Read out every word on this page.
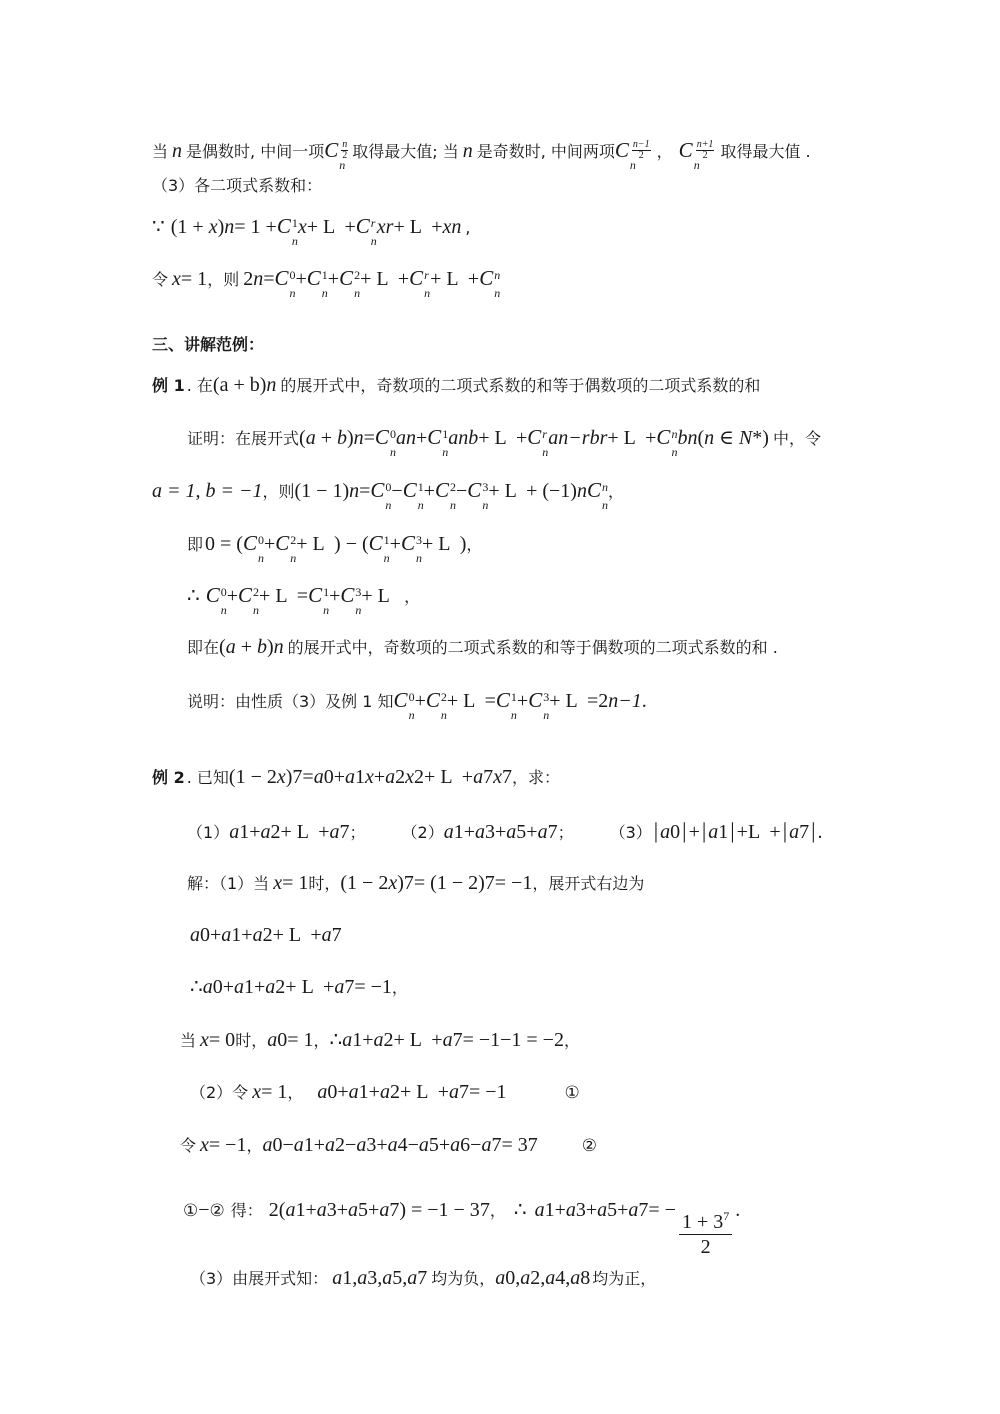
当 n 是偶数时, 中间一项 C $\frac{n}{2}$
n
取得最大值; 当 n 是奇数时, 中间两项 C $\frac{n-1}{2}$
n
， C $\frac{n+1}{2}$
n
取得最大值 .
（3）各二项式系数和：
∵ (1 + x) n = 1 + C 1
n
x + L  + C r
n
x r + L  + x n ,
令 x = 1 ，则 2 n = C 0
n
+ C 1
n
+ C 2
n
+ L  + C r
n
+ L  + C n
n
三、讲解范例：
例 1 . 在 (a + b) n 的展开式中，奇数项的二项式系数的和等于偶数项的二项式系数的和
证明：在展开式 (a + b) n = C 0
n
a n + C 1
n
a n b + L  + C r
n
a n−r b r + L  + C n
n
b n (n ∈ N * ) 中，令
a = 1, b = −1 ，则 (1 − 1) n = C 0
n
− C 1
n
+ C 2
n
− C 3
n
+ L  + (−1) n C n
n
，
即 0 = ( C 0
n
+ C 2
n
+ L  ) − ( C 1
n
+ C 3
n
+ L  ) ，
∴ C 0
n
+ C 2
n
+ L  = C 1
n
+ C 3
n
+ L ，
即在 (a + b) n 的展开式中，奇数项的二项式系数的和等于偶数项的二项式系数的和 .
说明：由性质（3）及例 1 知 C 0
n
+ C 2
n
+ L  = C 1
n
+ C 3
n
+ L  = 2 n−1 .
例 2 . 已知 (1 − 2x) 7 = a 0 + a 1 x + a 2 x 2 + L  + a 7 x 7 ，求：
（1） a 1 + a 2 + L  + a 7 ； （2） a 1 + a 3 + a 5 + a 7 ； （3） | a 0 | + | a 1 | +L  + | a 7 | .
解：（1）当 x = 1 时， (1 − 2x) 7 = (1 − 2) 7 = −1 ，展开式右边为
a 0 + a 1 + a 2 + L  + a 7
∴ a 0 + a 1 + a 2 + L  + a 7 = −1 ，
当 x = 0 时， a 0 = 1 ， ∴ a 1 + a 2 + L  + a 7 = −1−1 = −2 ，
（2）令 x = 1 ， a 0 + a 1 + a 2 + L  + a 7 = −1	①
令 x = −1 ， a 0 − a 1 + a 2 − a 3 + a 4 − a 5 + a 6 − a 7 = 3 7	②
① − ② 得： 2( a 1 + a 3 + a 5 + a 7 ) = −1 − 3 7 ， ∴ a 1 + a 3 + a 5 + a 7 = −
$\frac{1 + 3^7}{2}$
.
（3）由展开式知： a 1 , a 3 , a 5 , a 7 均为负， a 0 , a 2 , a 4 , a 8 均为正，
